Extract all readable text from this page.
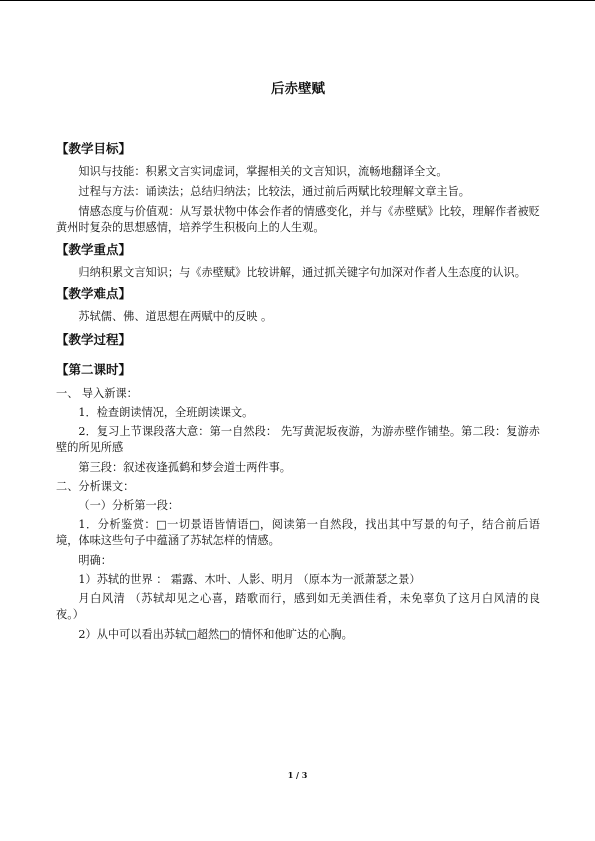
后赤壁赋
【教学目标】
知识与技能：积累文言实词虚词，掌握相关的文言知识，流畅地翻译全文。
过程与方法：诵读法；总结归纳法；比较法，通过前后两赋比较理解文章主旨。
情感态度与价值观：从写景状物中体会作者的情感变化，并与《赤壁赋》比较，理解作者被贬黄州时复杂的思想感情，培养学生积极向上的人生观。
【教学重点】
归纳积累文言知识；与《赤壁赋》比较讲解，通过抓关键字句加深对作者人生态度的认识。
【教学难点】
苏轼儒、佛、道思想在两赋中的反映 。
【教学过程】
【第二课时】
一、 导入新课：
1．检查朗读情况，全班朗读课文。
2．复习上节课段落大意：第一自然段： 先写黄泥坂夜游，为游赤壁作铺垫。第二段：复游赤壁的所见所感
第三段：叙述夜逢孤鹤和梦会道士两件事。
二、分析课文：
（一）分析第一段：
1．分析鉴赏：□一切景语皆情语□，阅读第一自然段，找出其中写景的句子，结合前后语境，体味这些句子中蕴涵了苏轼怎样的情感。
明确：
1）苏轼的世界 ： 霜露、木叶、人影、明月 （原本为一派萧瑟之景）
月白风清 （苏轼却见之心喜，踏歌而行，感到如无美酒佳肴，未免辜负了这月白风清的良夜。）
2）从中可以看出苏轼□超然□的情怀和他旷达的心胸。
1 / 3
